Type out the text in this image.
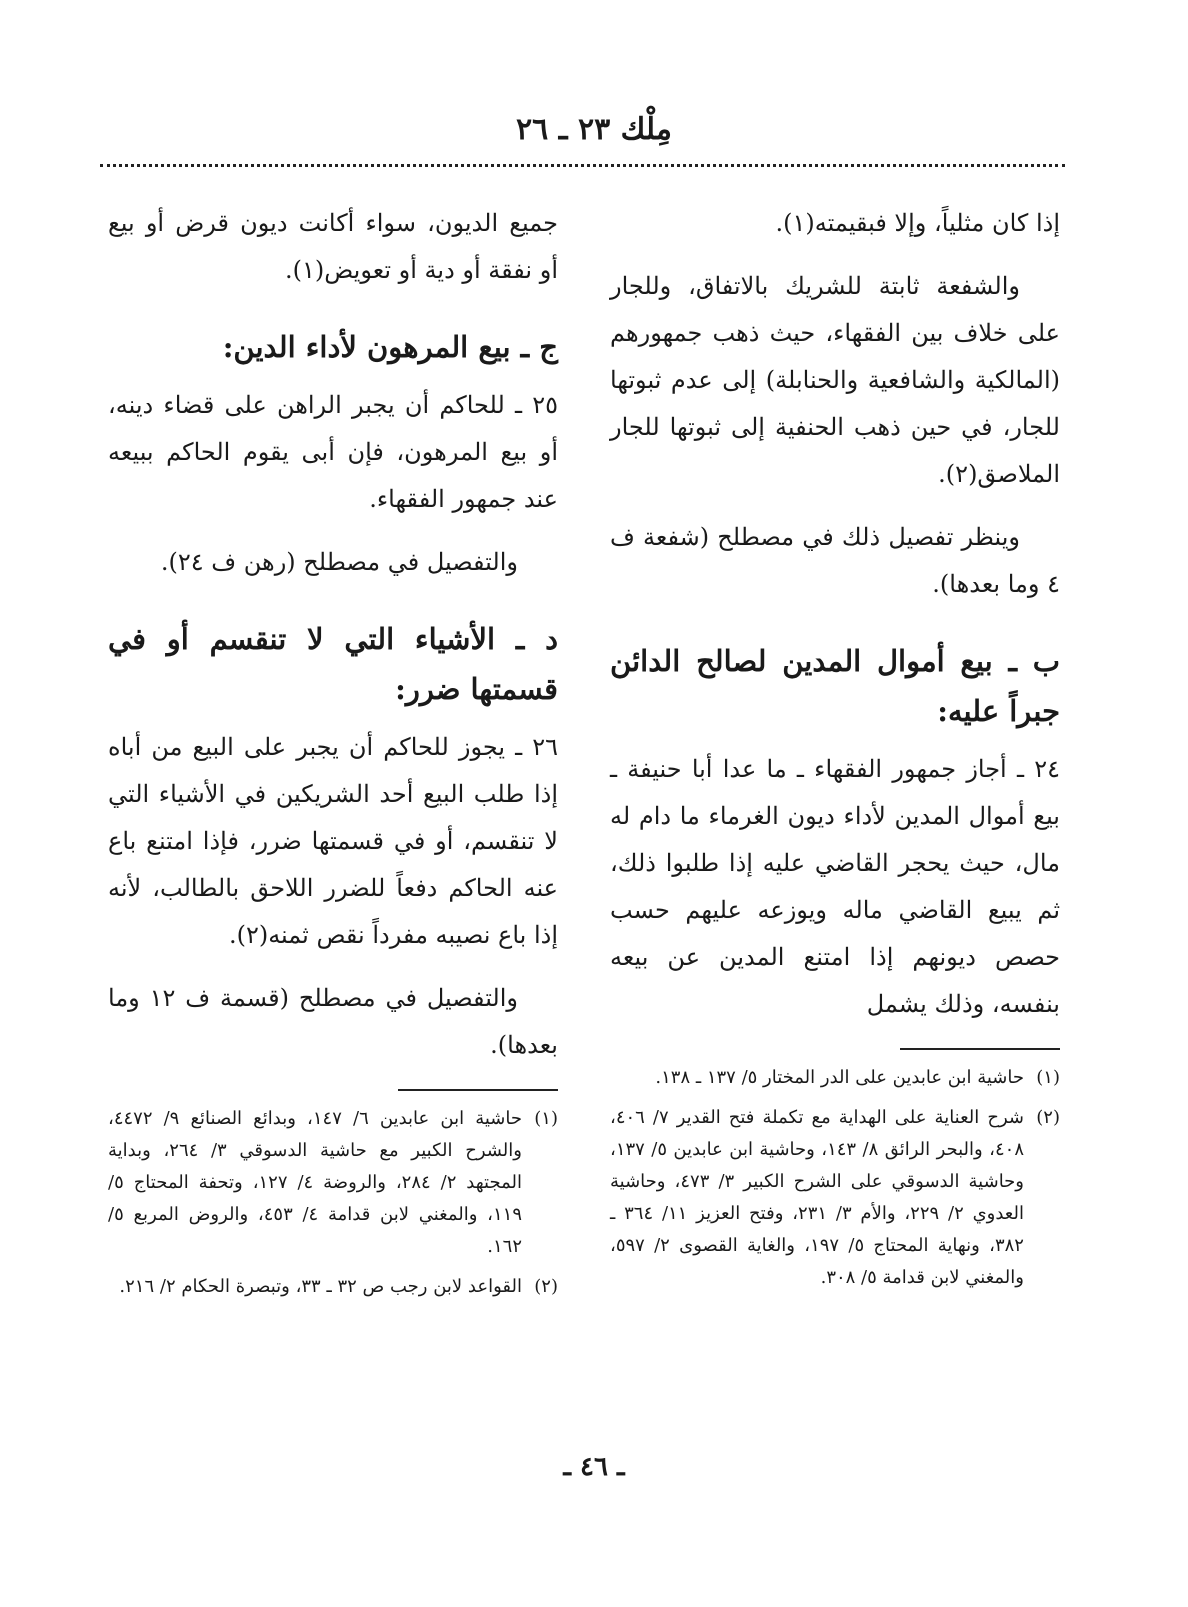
مِلْك ٢٣ ـ ٢٦

إذا كان مثلياً، وإلا فبقيمته(١).

والشفعة ثابتة للشريك بالاتفاق، وللجار على خلاف بين الفقهاء، حيث ذهب جمهورهم (المالكية والشافعية والحنابلة) إلى عدم ثبوتها للجار، في حين ذهب الحنفية إلى ثبوتها للجار الملاصق(٢).

وينظر تفصيل ذلك في مصطلح (شفعة ف ٤ وما بعدها).

ب ـ بيع أموال المدين لصالح الدائن جبراً عليه:

٢٤ ـ أجاز جمهور الفقهاء ـ ما عدا أبا حنيفة ـ بيع أموال المدين لأداء ديون الغرماء ما دام له مال، حيث يحجر القاضي عليه إذا طلبوا ذلك، ثم يبيع القاضي ماله ويوزعه عليهم حسب حصص ديونهم إذا امتنع المدين عن بيعه بنفسه، وذلك يشمل

(١)حاشية ابن عابدين على الدر المختار ٥/ ١٣٧ ـ ١٣٨.
(٢)شرح العناية على الهداية مع تكملة فتح القدير ٧/ ٤٠٦، ٤٠٨، والبحر الرائق ٨/ ١٤٣، وحاشية ابن عابدين ٥/ ١٣٧، وحاشية الدسوقي على الشرح الكبير ٣/ ٤٧٣، وحاشية العدوي ٢/ ٢٢٩، والأم ٣/ ٢٣١، وفتح العزيز ١١/ ٣٦٤ ـ ٣٨٢، ونهاية المحتاج ٥/ ١٩٧، والغاية القصوى ٢/ ٥٩٧، والمغني لابن قدامة ٥/ ٣٠٨.

جميع الديون، سواء أكانت ديون قرض أو بيع أو نفقة أو دية أو تعويض(١).

ج ـ بيع المرهون لأداء الدين:

٢٥ ـ للحاكم أن يجبر الراهن على قضاء دينه، أو بيع المرهون، فإن أبى يقوم الحاكم ببيعه عند جمهور الفقهاء.

والتفصيل في مصطلح (رهن ف ٢٤).

د ـ الأشياء التي لا تنقسم أو في قسمتها ضرر:

٢٦ ـ يجوز للحاكم أن يجبر على البيع من أباه إذا طلب البيع أحد الشريكين في الأشياء التي لا تنقسم، أو في قسمتها ضرر، فإذا امتنع باع عنه الحاكم دفعاً للضرر اللاحق بالطالب، لأنه إذا باع نصيبه مفرداً نقص ثمنه(٢).

والتفصيل في مصطلح (قسمة ف ١٢ وما بعدها).

(١)حاشية ابن عابدين ٦/ ١٤٧، وبدائع الصنائع ٩/ ٤٤٧٢، والشرح الكبير مع حاشية الدسوقي ٣/ ٢٦٤، وبداية المجتهد ٢/ ٢٨٤، والروضة ٤/ ١٢٧، وتحفة المحتاج ٥/ ١١٩، والمغني لابن قدامة ٤/ ٤٥٣، والروض المربع ٥/ ١٦٢.
(٢)القواعد لابن رجب ص ٣٢ ـ ٣٣، وتبصرة الحكام ٢/ ٢١٦.
ـ ٤٦ ـ
